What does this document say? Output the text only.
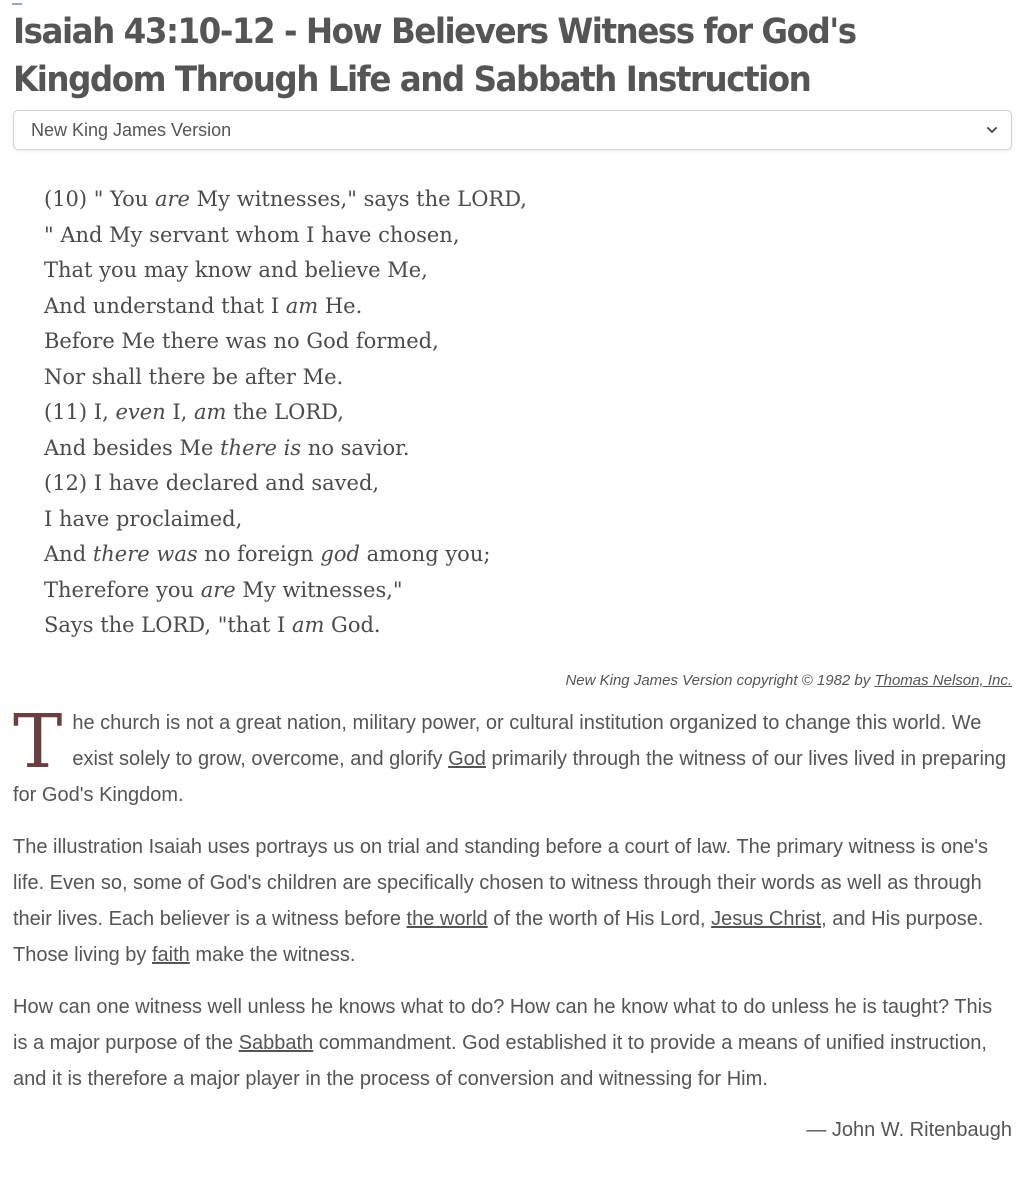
Isaiah 43:10-12 - How Believers Witness for God's Kingdom Through Life and Sabbath Instruction
New King James Version
(10) " You are My witnesses," says the LORD,
" And My servant whom I have chosen,
That you may know and believe Me,
And understand that I am He.
Before Me there was no God formed,
Nor shall there be after Me.
(11) I, even I, am the LORD,
And besides Me there is no savior.
(12) I have declared and saved,
I have proclaimed,
And there was no foreign god among you;
Therefore you are My witnesses,"
Says the LORD, "that I am God.
New King James Version copyright © 1982 by Thomas Nelson, Inc.

T he church is not a great nation, military power, or cultural institution organized to change this world. We exist solely to grow, overcome, and glorify God primarily through the witness of our lives lived in preparing for God's Kingdom.

The illustration Isaiah uses portrays us on trial and standing before a court of law. The primary witness is one's life. Even so, some of God's children are specifically chosen to witness through their words as well as through their lives. Each believer is a witness before the world of the worth of His Lord, Jesus Christ, and His purpose. Those living by faith make the witness.

How can one witness well unless he knows what to do? How can he know what to do unless he is taught? This is a major purpose of the Sabbath commandment. God established it to provide a means of unified instruction, and it is therefore a major player in the process of conversion and witnessing for Him.

— John W. Ritenbaugh
